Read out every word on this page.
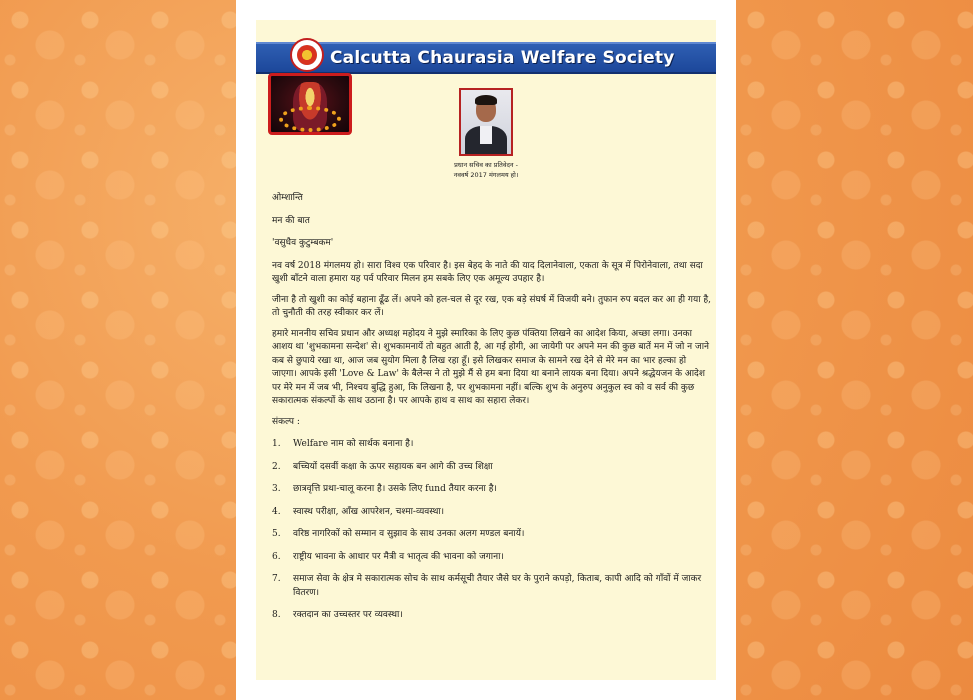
Calcutta Chaurasia Welfare Society
प्रधान सचिव का प्रतिवेदन -
नववर्ष 2017 मंगलमय हो।

ओम्शान्ति

मन की बात

'वसुधैव कुटुम्बकम'

नव वर्ष 2018 मंगलमय हो। सारा विश्व एक परिवार है। इस बेहद के नाते की याद दिलानेवाला, एकता के सूत्र में पिरोनेवाला, तथा सदा खुशी बाँटने वाला हमारा यह पर्व परिवार मिलन हम सबके लिए एक अमूल्य उपहार है।

जीना है तो खुशी का कोई बहाना ढूँढ लें। अपने को हल-चल से दूर रख, एक बड़े संघर्ष में विजयी बने। तुफान रुप बदल कर आ ही गया है, तो चुनौती की तरह स्वीकार कर लें।

हमारे माननीय सचिव प्रधान और अध्यक्ष महोदय ने मुझे स्मारिका के लिए कुछ पंक्तिया लिखने का आदेश किया, अच्छा लगा। उनका आशय था 'शुभकामना सन्देश' से। शुभकामनायें तो बहुत आती है, आ गई होगी, आ जायेगी पर अपने मन की कुछ बातें मन में जो न जाने कब से छुपाये रखा था, आज जब सुयोग मिला है लिख रहा हूँ। इसे लिखकर समाज के सामने रख देने से मेरे मन का भार हल्का हो जाएगा। आपके इसी 'Love & Law' के बैलेन्स ने तो मुझे मैं से हम बना दिया था बनाने लायक बना दिया। अपने श्रद्धेयजन के आदेश पर मेरे मन में जब भी, निश्चय बुद्धि हुआ, कि लिखना है, पर शुभकामना नहीं। बल्कि शुभ के अनुरुप अनुकुल स्व को व सर्व की कुछ सकारात्मक संकल्पों के साथ उठाना है। पर आपके हाथ व साथ का सहारा लेकर।

संकल्प :

1. Welfare नाम को सार्थक बनाना है।
2. बच्चियों दसवीं कक्षा के ऊपर सहायक बन आगे की उच्च शिक्षा
3. छात्रवृत्ति प्रथा-चालू करना है। उसके लिए fund तैयार करना है।
4. स्वास्थ परीक्षा, आँख आपरेशन, चश्मा-व्यवस्था।
5. वरिष्ठ नागरिकों को सम्मान व सुझाव के साथ उनका अलग मण्डल बनायें।
6. राष्ट्रीय भावना के आधार पर मैत्री व भातृत्व की भावना को जगाना।
7. समाज सेवा के क्षेत्र मे सकारात्मक सोच के साथ कर्मसूची तैयार जैसे घर के पुराने कपड़ो, किताब, कापी आदि को गाँवों में जाकर वितरण।
8. रक्तदान का उच्चस्तर पर व्यवस्था।
